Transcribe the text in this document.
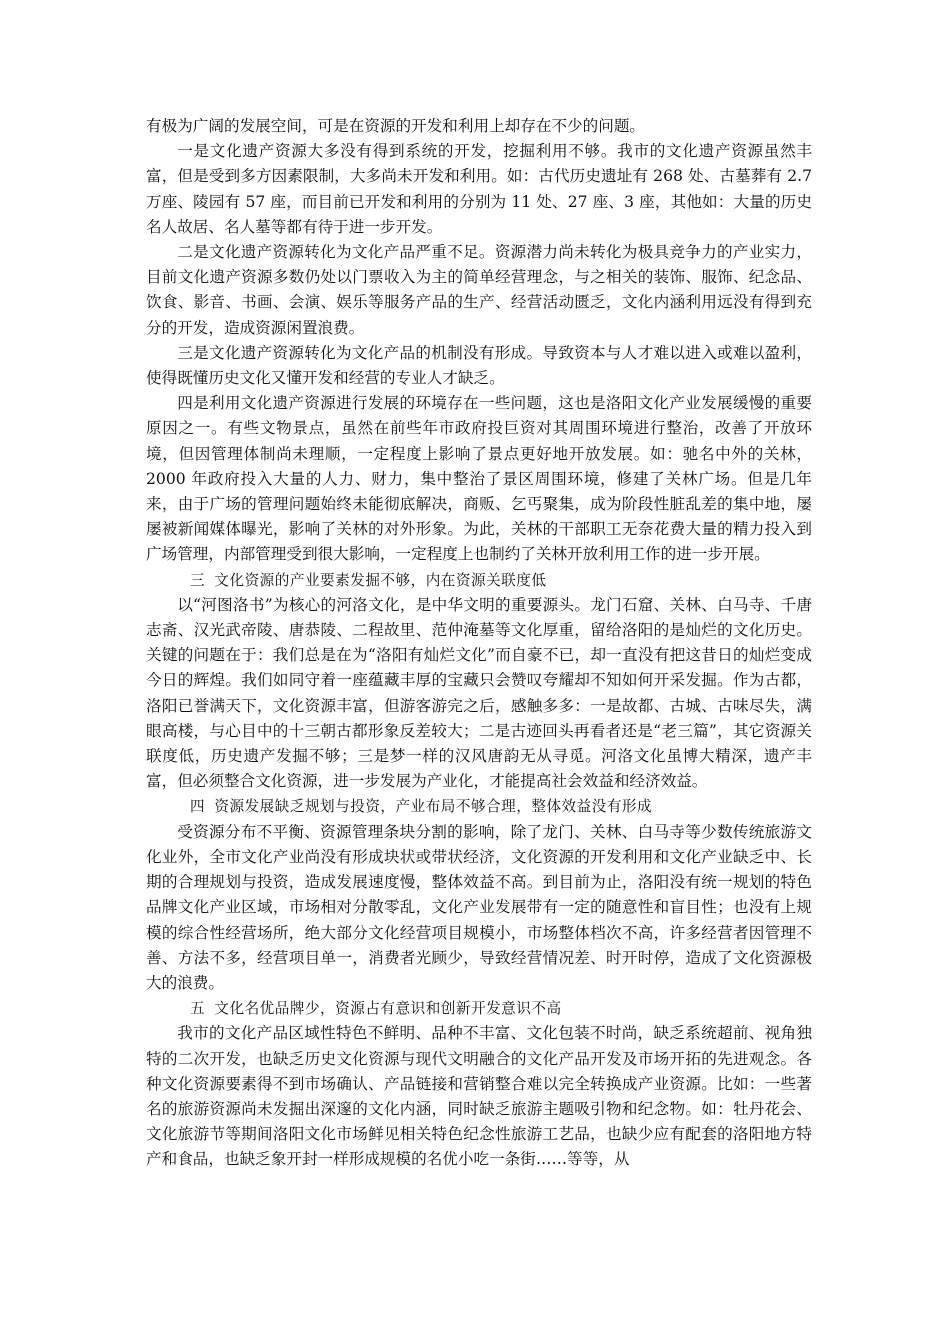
有极为广阔的发展空间，可是在资源的开发和利用上却存在不少的问题。

一是文化遗产资源大多没有得到系统的开发，挖掘利用不够。我市的文化遗产资源虽然丰富，但是受到多方因素限制，大多尚未开发和利用。如：古代历史遗址有 268 处、古墓葬有 2.7 万座、陵园有 57 座，而目前已开发和利用的分别为 11 处、27 座、3 座，其他如：大量的历史名人故居、名人墓等都有待于进一步开发。

二是文化遗产资源转化为文化产品严重不足。资源潜力尚未转化为极具竞争力的产业实力，目前文化遗产资源多数仍处以门票收入为主的简单经营理念，与之相关的装饰、服饰、纪念品、饮食、影音、书画、会演、娱乐等服务产品的生产、经营活动匮乏，文化内涵利用远没有得到充分的开发，造成资源闲置浪费。

三是文化遗产资源转化为文化产品的机制没有形成。导致资本与人才难以进入或难以盈利，使得既懂历史文化又懂开发和经营的专业人才缺乏。

四是利用文化遗产资源进行发展的环境存在一些问题，这也是洛阳文化产业发展缓慢的重要原因之一。有些文物景点，虽然在前些年市政府投巨资对其周围环境进行整治，改善了开放环境，但因管理体制尚未理顺，一定程度上影响了景点更好地开放发展。如：驰名中外的关林，2000 年政府投入大量的人力、财力，集中整治了景区周围环境，修建了关林广场。但是几年来，由于广场的管理问题始终未能彻底解决，商贩、乞丐聚集，成为阶段性脏乱差的集中地，屡屡被新闻媒体曝光，影响了关林的对外形象。为此，关林的干部职工无奈花费大量的精力投入到广场管理，内部管理受到很大影响，一定程度上也制约了关林开放利用工作的进一步开展。

三 文化资源的产业要素发掘不够，内在资源关联度低

以“河图洛书”为核心的河洛文化，是中华文明的重要源头。龙门石窟、关林、白马寺、千唐志斋、汉光武帝陵、唐恭陵、二程故里、范仲淹墓等文化厚重，留给洛阳的是灿烂的文化历史。关键的问题在于：我们总是在为“洛阳有灿烂文化”而自豪不已，却一直没有把这昔日的灿烂变成今日的辉煌。我们如同守着一座蕴藏丰厚的宝藏只会赞叹夸耀却不知如何开采发掘。作为古都，洛阳已誉满天下，文化资源丰富，但游客游完之后，感触多多：一是故都、古城、古味尽失，满眼高楼，与心目中的十三朝古都形象反差较大；二是古迹回头再看者还是“老三篇”，其它资源关联度低，历史遗产发掘不够；三是梦一样的汉风唐韵无从寻觅。河洛文化虽博大精深，遗产丰富，但必须整合文化资源，进一步发展为产业化，才能提高社会效益和经济效益。

四 资源发展缺乏规划与投资，产业布局不够合理，整体效益没有形成

受资源分布不平衡、资源管理条块分割的影响，除了龙门、关林、白马寺等少数传统旅游文化业外，全市文化产业尚没有形成块状或带状经济，文化资源的开发利用和文化产业缺乏中、长期的合理规划与投资，造成发展速度慢，整体效益不高。到目前为止，洛阳没有统一规划的特色品牌文化产业区域，市场相对分散零乱，文化产业发展带有一定的随意性和盲目性；也没有上规模的综合性经营场所，绝大部分文化经营项目规模小，市场整体档次不高，许多经营者因管理不善、方法不多，经营项目单一，消费者光顾少，导致经营情况差、时开时停，造成了文化资源极大的浪费。

五 文化名优品牌少，资源占有意识和创新开发意识不高

我市的文化产品区域性特色不鲜明、品种不丰富、文化包装不时尚，缺乏系统超前、视角独特的二次开发，也缺乏历史文化资源与现代文明融合的文化产品开发及市场开拓的先进观念。各种文化资源要素得不到市场确认、产品链接和营销整合难以完全转换成产业资源。比如：一些著名的旅游资源尚未发掘出深邃的文化内涵，同时缺乏旅游主题吸引物和纪念物。如：牡丹花会、文化旅游节等期间洛阳文化市场鲜见相关特色纪念性旅游工艺品，也缺少应有配套的洛阳地方特产和食品，也缺乏象开封一样形成规模的名优小吃一条街……等等，从
